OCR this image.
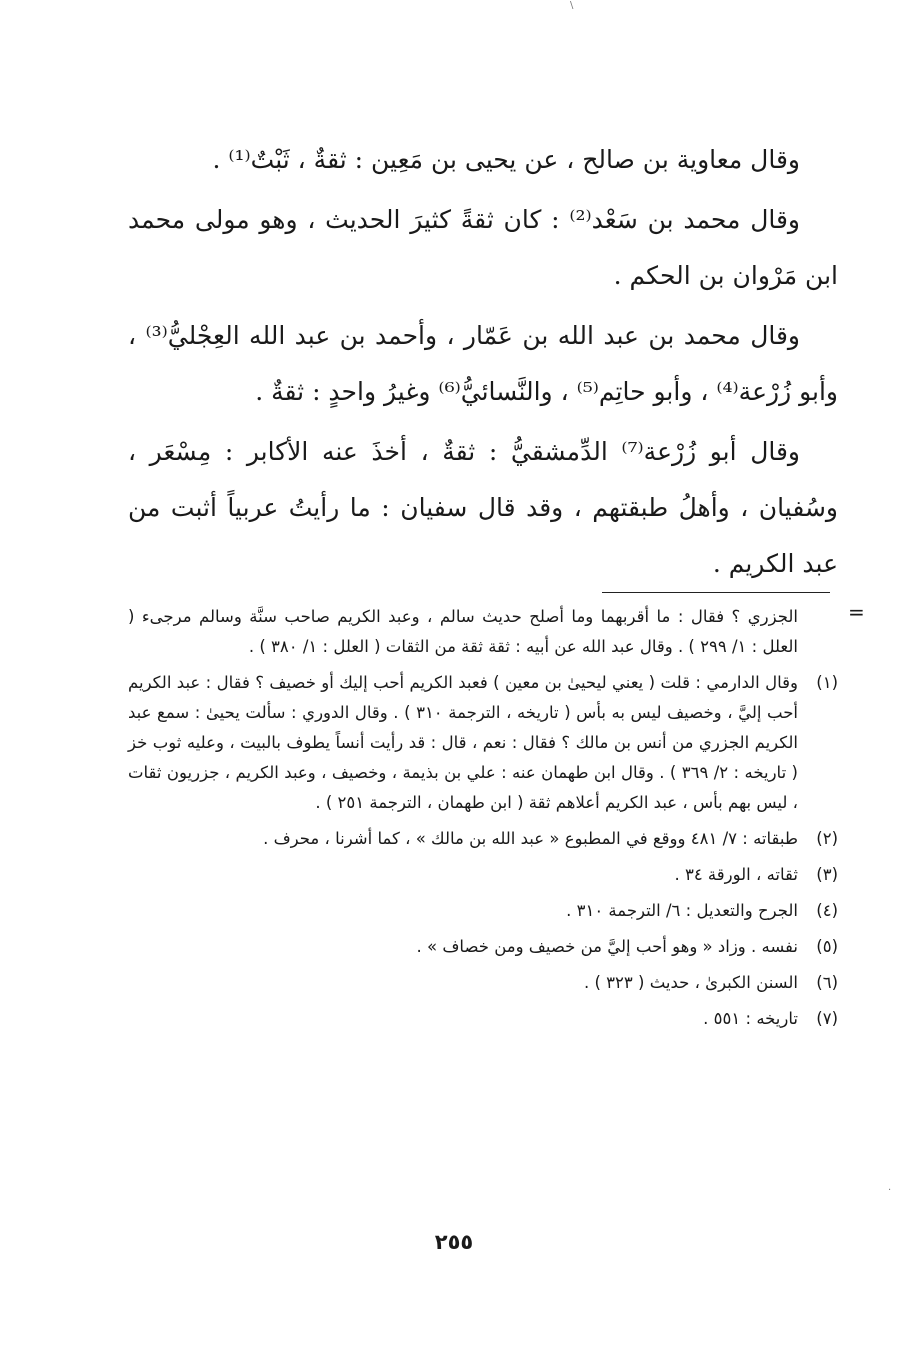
وقال معاوية بن صالح ، عن يحيى بن مَعِين : ثقةٌ ، ثَبْتٌ⁽¹⁾ .

وقال محمد بن سَعْد⁽²⁾ : كان ثقةً كثيرَ الحديث ، وهو مولى محمد ابن مَرْوان بن الحكم .

وقال محمد بن عبد الله بن عَمّار ، وأحمد بن عبد الله العِجْليُّ⁽³⁾ ، وأبو زُرْعة⁽⁴⁾ ، وأبو حاتِم⁽⁵⁾ ، والنَّسائيُّ⁽⁶⁾ وغيرُ واحدٍ : ثقةٌ .

وقال أبو زُرْعة⁽⁷⁾ الدِّمشقيُّ : ثقةٌ ، أخذَ عنه الأكابر : مِسْعَر ، وسُفيان ، وأهلُ طبقتهم ، وقد قال سفيان : ما رأيتُ عربياً أثبت من عبد الكريم .

=
الجزري ؟ فقال : ما أقربهما وما أصلح حديث سالم ، وعبد الكريم صاحب سنَّة وسالم مرجىء ( العلل : ١/ ٢٩٩ ) . وقال عبد الله عن أبيه : ثقة ثقة من الثقات ( العلل : ١/ ٣٨٠ ) .
(١)
وقال الدارمي : قلت ( يعني ليحيىٰ بن معين ) فعبد الكريم أحب إليك أو خصيف ؟ فقال : عبد الكريم أحب إليَّ ، وخصيف ليس به بأس ( تاريخه ، الترجمة ٣١٠ ) . وقال الدوري : سألت يحيىٰ : سمع عبد الكريم الجزري من أنس بن مالك ؟ فقال : نعم ، قال : قد رأيت أنساً يطوف بالبيت ، وعليه ثوب خز ( تاريخه : ٢/ ٣٦٩ ) . وقال ابن طهمان عنه : علي بن بذيمة ، وخصيف ، وعبد الكريم ، جزريون ثقات ، ليس بهم بأس ، عبد الكريم أعلاهم ثقة ( ابن طهمان ، الترجمة ٢٥١ ) .
(٢)
طبقاته : ٧/ ٤٨١ ووقع في المطبوع « عبد الله بن مالك » ، كما أشرنا ، محرف .
(٣)
ثقاته ، الورقة ٣٤ .
(٤)
الجرح والتعديل : ٦/ الترجمة ٣١٠ .
(٥)
نفسه . وزاد « وهو أحب إليَّ من خصيف ومن خصاف » .
(٦)
السنن الكبرىٰ ، حديث ( ٣٢٣ ) .
(٧)
تاريخه : ٥٥١ .
٢٥٥
\
·
